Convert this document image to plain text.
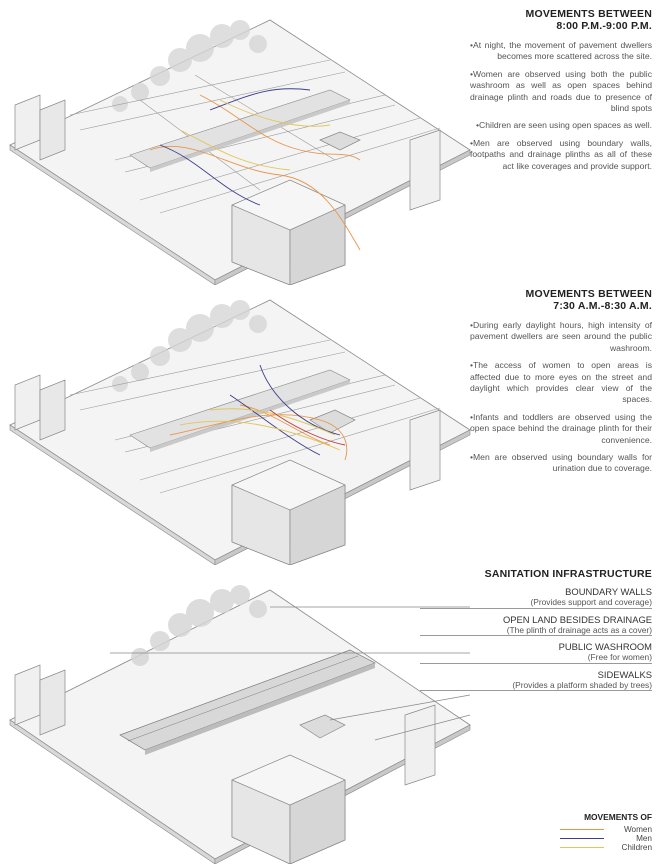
MOVEMENTS BETWEEN
8:00 P.M.-9:00 P.M.

•At night, the movement of pavement dwellers becomes more scattered across the site.

•Women are observed using both the public washroom as well as open spaces behind drainage plinth and roads due to presence of blind spots

•Children are seen using open spaces as well.

•Men are observed using boundary walls, footpaths and drainage plinths as all of these act like coverages and provide support.

MOVEMENTS BETWEEN
7:30 A.M.-8:30 A.M.

•During early daylight hours, high intensity of pavement dwellers are seen around the public washroom.

•The access of women to open areas is affected due to more eyes on the street and daylight which provides clear view of the spaces.

•Infants and toddlers are observed using the open space behind the drainage plinth for their convenience.

•Men are observed using boundary walls for urination due to coverage.

SANITATION INFRASTRUCTURE
BOUNDARY WALLS
(Provides support and coverage)
OPEN LAND BESIDES DRAINAGE
(The plinth of drainage acts as a cover)
PUBLIC WASHROOM
(Free for women)
SIDEWALKS
(Provides a platform shaded by trees)
MOVEMENTS OF
Women
Men
Children
